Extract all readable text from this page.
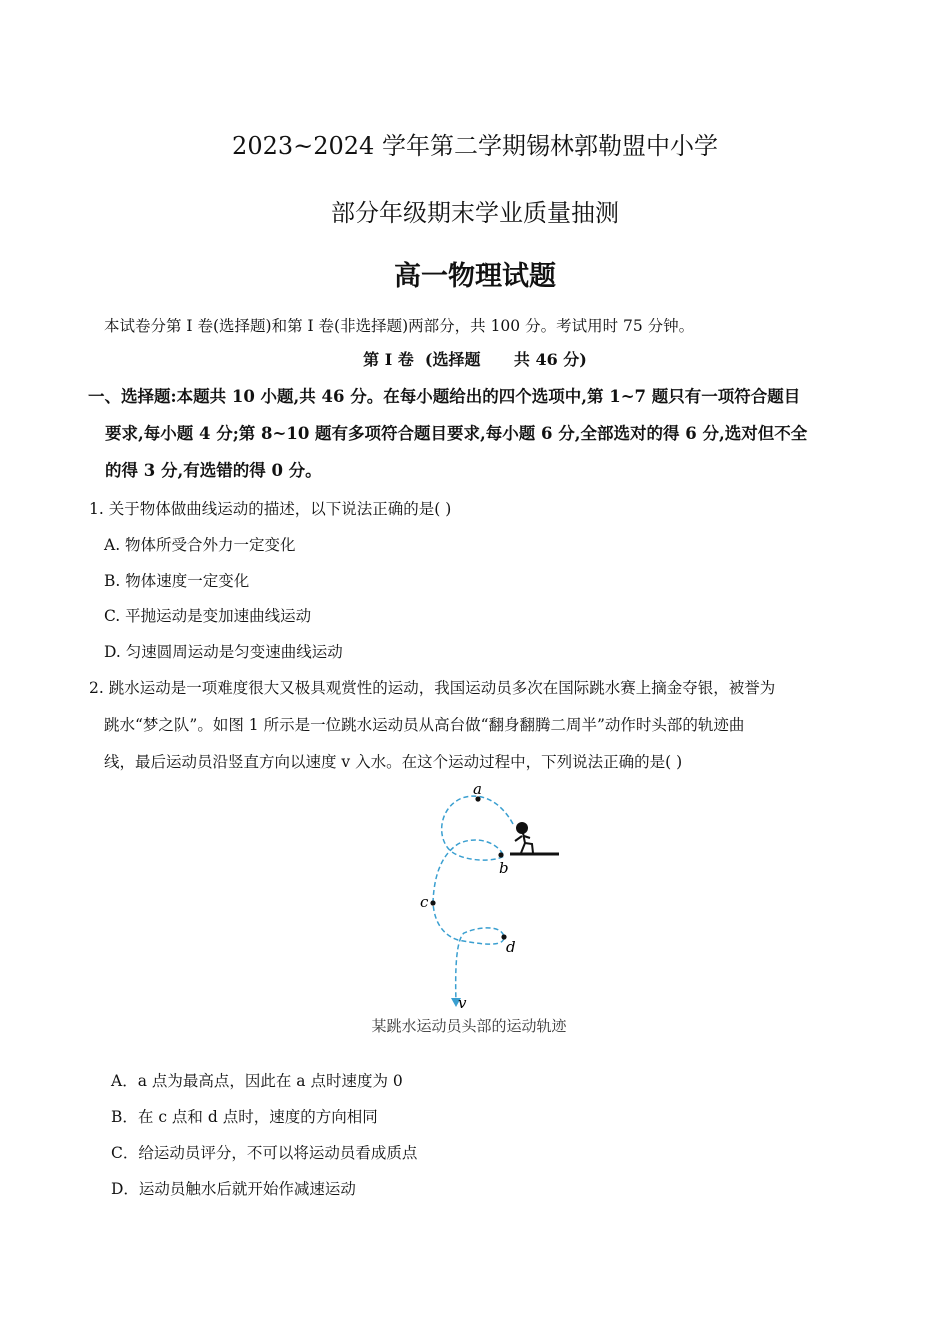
2023~2024 学年第二学期锡林郭勒盟中小学
部分年级期末学业质量抽测
高一物理试题
本试卷分第 I 卷(选择题)和第 I 卷(非选择题)两部分，共 100 分。考试用时 75 分钟。
第 I 卷  (选择题      共 46 分)
一、选择题:本题共 10 小题,共 46 分。在每小题给出的四个选项中,第 1~7 题只有一项符合题目
要求,每小题 4 分;第 8~10 题有多项符合题目要求,每小题 6 分,全部选对的得 6 分,选对但不全
的得 3 分,有选错的得 0 分。
1. 关于物体做曲线运动的描述，以下说法正确的是( )
A. 物体所受合外力一定变化
B. 物体速度一定变化
C. 平抛运动是变加速曲线运动
D. 匀速圆周运动是匀变速曲线运动
2. 跳水运动是一项难度很大又极具观赏性的运动，我国运动员多次在国际跳水赛上摘金夺银，被誉为
跳水“梦之队”。如图 1 所示是一位跳水运动员从高台做“翻身翻腾二周半”动作时头部的轨迹曲
线，最后运动员沿竖直方向以速度 v 入水。在这个运动过程中，下列说法正确的是( )
a
b
c
d
v
某跳水运动员头部的运动轨迹
A．a 点为最高点，因此在 a 点时速度为 0
B．在 c 点和 d 点时，速度的方向相同
C．给运动员评分，不可以将运动员看成质点
D．运动员触水后就开始作减速运动
